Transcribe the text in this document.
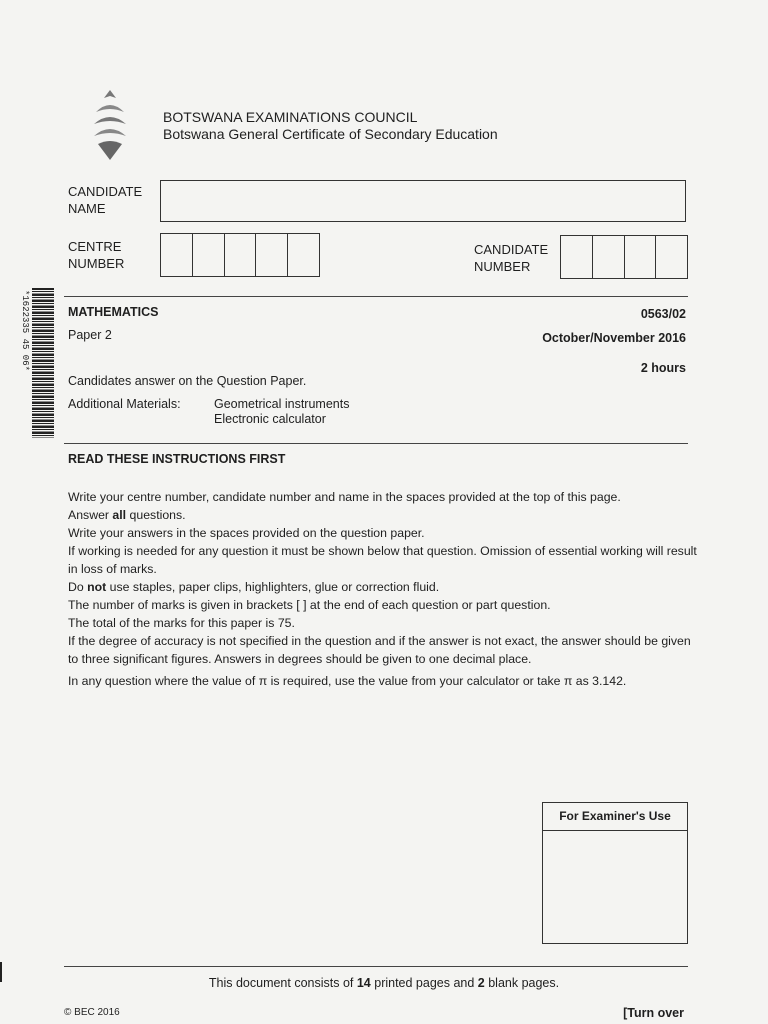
BOTSWANA EXAMINATIONS COUNCIL
Botswana General Certificate of Secondary Education
CANDIDATE
NAME
CENTRE
NUMBER
CANDIDATE
NUMBER
*1622335 45 06*	MATHEMATICS	0563/02
Paper 2	October/November 2016
2 hours
Candidates answer on the Question Paper.
Additional Materials:	Geometrical instruments
Electronic calculator
READ THESE INSTRUCTIONS FIRST

Write your centre number, candidate number and name in the spaces provided at the top of this page.

Answer all questions.

Write your answers in the spaces provided on the question paper.

If working is needed for any question it must be shown below that question. Omission of essential working will result in loss of marks.

Do not use staples, paper clips, highlighters, glue or correction fluid.

The number of marks is given in brackets [ ] at the end of each question or part question.

The total of the marks for this paper is 75.

If the degree of accuracy is not specified in the question and if the answer is not exact, the answer should be given to three significant figures. Answers in degrees should be given to one decimal place.

In any question where the value of π is required, use the value from your calculator or take π as 3.142.

For Examiner's Use
This document consists of 14 printed pages and 2 blank pages.
© BEC 2016	[Turn over
